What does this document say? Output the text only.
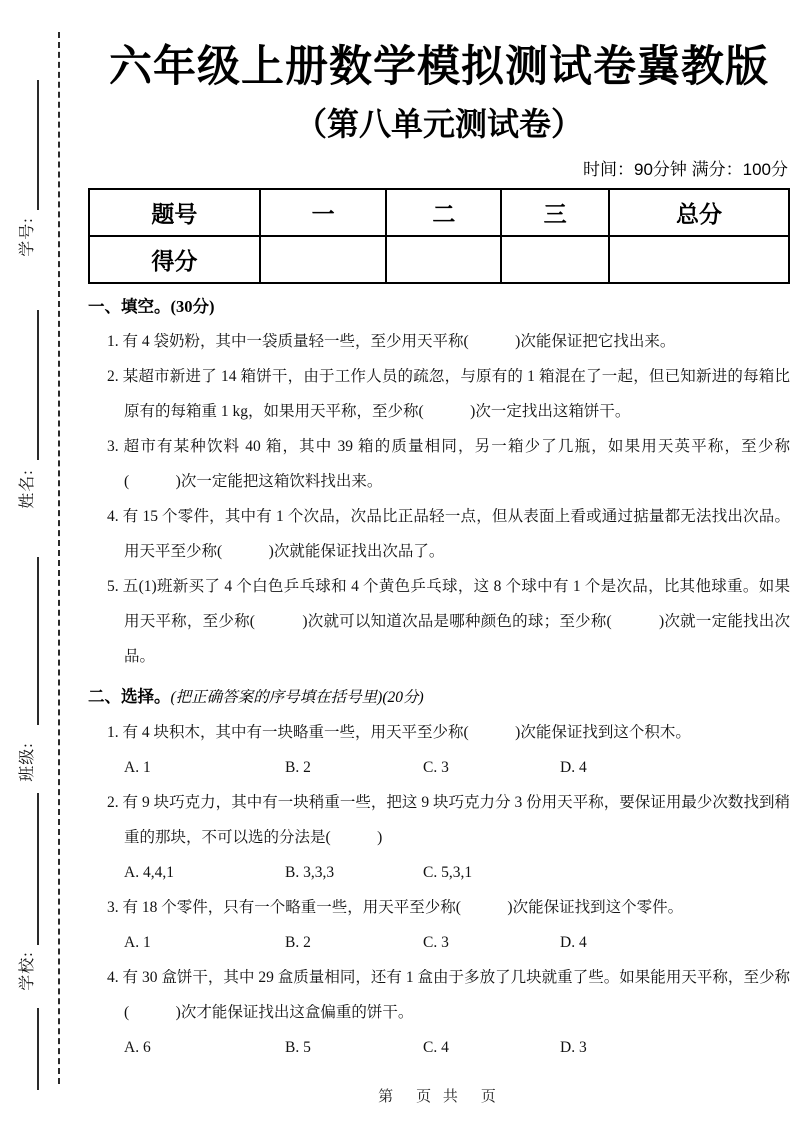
学号:
姓名:
班级:
学校:
六年级上册数学模拟测试卷冀教版
（第八单元测试卷）
时间：90分钟 满分：100分
题号	一	二	三	总分
得分				
一、填空。(30分)

1. 有 4 袋奶粉，其中一袋质量轻一些，至少用天平称(　　　)次能保证把它找出来。

2. 某超市新进了 14 箱饼干，由于工作人员的疏忽，与原有的 1 箱混在了一起，但已知新进的每箱比原有的每箱重 1 kg，如果用天平称，至少称(　　　)次一定找出这箱饼干。

3. 超市有某种饮料 40 箱，其中 39 箱的质量相同，另一箱少了几瓶，如果用天英平称，至少称(　　　)次一定能把这箱饮料找出来。

4. 有 15 个零件，其中有 1 个次品，次品比正品轻一点，但从表面上看或通过掂量都无法找出次品。用天平至少称(　　　)次就能保证找出次品了。

5. 五(1)班新买了 4 个白色乒乓球和 4 个黄色乒乓球，这 8 个球中有 1 个是次品，比其他球重。如果用天平称，至少称(　　　)次就可以知道次品是哪种颜色的球；至少称(　　　)次就一定能找出次品。

二、选择。(把正确答案的序号填在括号里)(20分)

1. 有 4 块积木，其中有一块略重一些，用天平至少称(　　　)次能保证找到这个积木。

A. 1	B. 2	C. 3	D. 4

2. 有 9 块巧克力，其中有一块稍重一些，把这 9 块巧克力分 3 份用天平称，要保证用最少次数找到稍重的那块，不可以选的分法是(　　　)

A. 4,4,1	B. 3,3,3	C. 5,3,1

3. 有 18 个零件，只有一个略重一些，用天平至少称(　　　)次能保证找到这个零件。

A. 1	B. 2	C. 3	D. 4

4. 有 30 盒饼干，其中 29 盒质量相同，还有 1 盒由于多放了几块就重了些。如果能用天平称，至少称(　　　)次才能保证找出这盒偏重的饼干。

A. 6	B. 5	C. 4	D. 3
第　页 共　页
